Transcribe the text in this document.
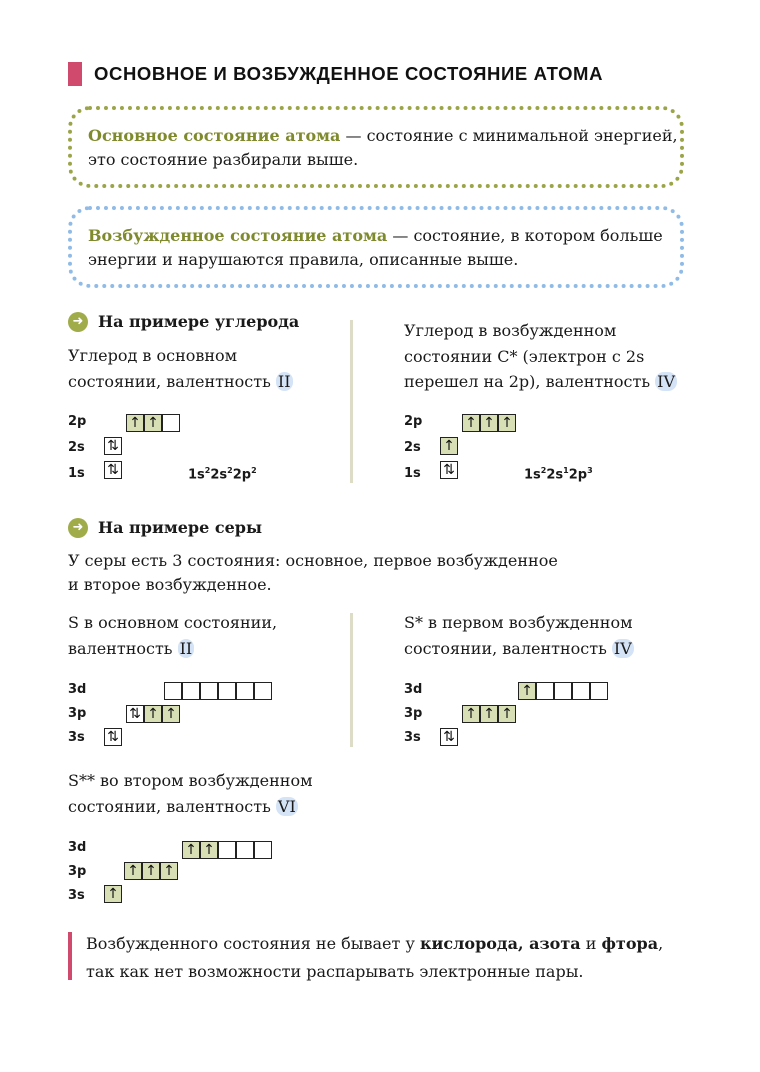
ОСНОВНОЕ И ВОЗБУЖДЕННОЕ СОСТОЯНИЕ АТОМА

Основное состояние атома — состояние с минимальной энергией, это состояние разбирали выше.

Возбужденное состояние атома — состояние, в котором больше энергии и нарушаются правила, описанные выше.

➜ На примере углерода
Углерод в основном
состоянии, валентность II
Углерод в возбужденном
состоянии С* (электрон с 2s
перешел на 2p), валентность IV
2p
2s
1s
↑ ↑
⇅
⇅	$1s^22s^22p^2$
2p
2s
1s
↑ ↑ ↑
↑
⇅	$1s^22s^12p^3$
➜ На примере серы
У серы есть 3 состояния: основное, первое возбужденное
и второе возбужденное.
S в основном состоянии,
валентность II
S* в первом возбужденном
состоянии, валентность IV
3d
3p
3s
⇅ ↑ ↑
⇅
3d
3p
3s
↑
↑ ↑ ↑
⇅
S** во втором возбужденном
состоянии, валентность VI
3d
3p
3s
↑ ↑
↑ ↑ ↑
↑
Возбужденного состояния не бывает у кислорода, азота и фтора,
так как нет возможности распарывать электронные пары.
